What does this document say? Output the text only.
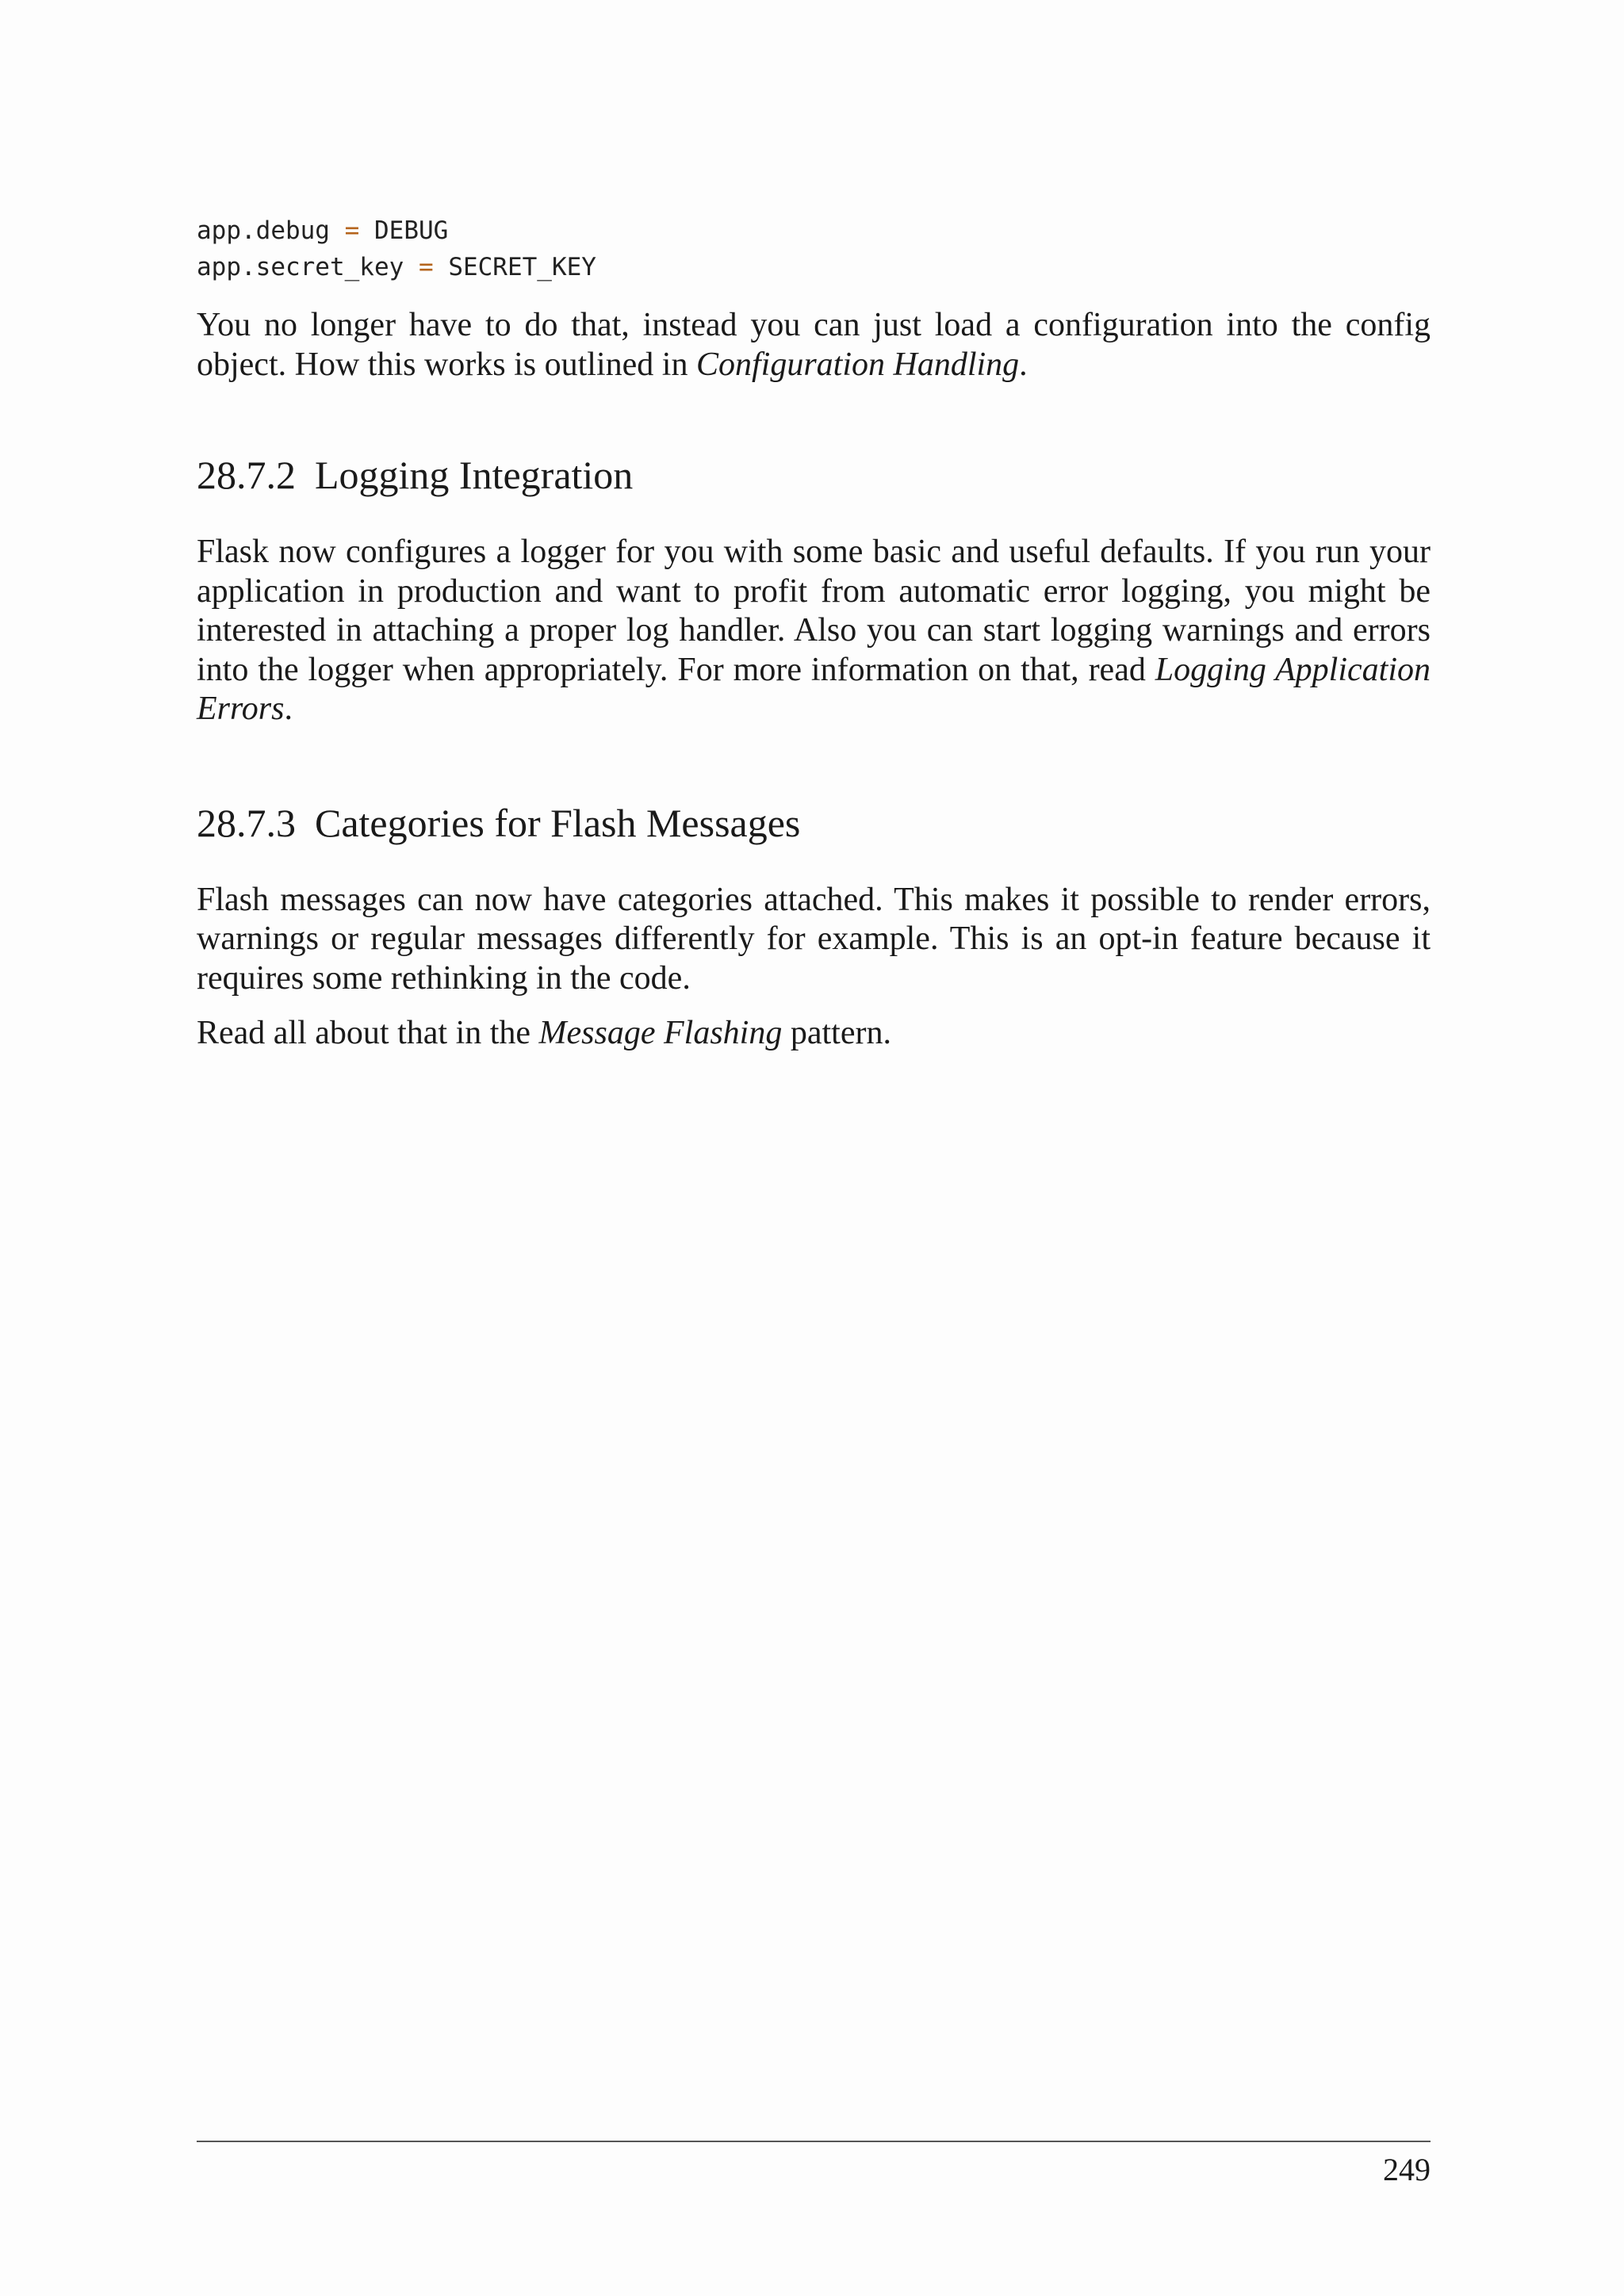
app.debug = DEBUG
app.secret_key = SECRET_KEY

You no longer have to do that, instead you can just load a configuration into the config object. How this works is outlined in Configuration Handling.

28.7.2 Logging Integration

Flask now configures a logger for you with some basic and useful defaults. If you run your application in production and want to profit from automatic error logging, you might be interested in attaching a proper log handler. Also you can start logging warnings and errors into the logger when appropriately. For more information on that, read Logging Application Errors.

28.7.3 Categories for Flash Messages

Flash messages can now have categories attached. This makes it possible to render errors, warnings or regular messages differently for example. This is an opt-in feature because it requires some rethinking in the code.

Read all about that in the Message Flashing pattern.

249
